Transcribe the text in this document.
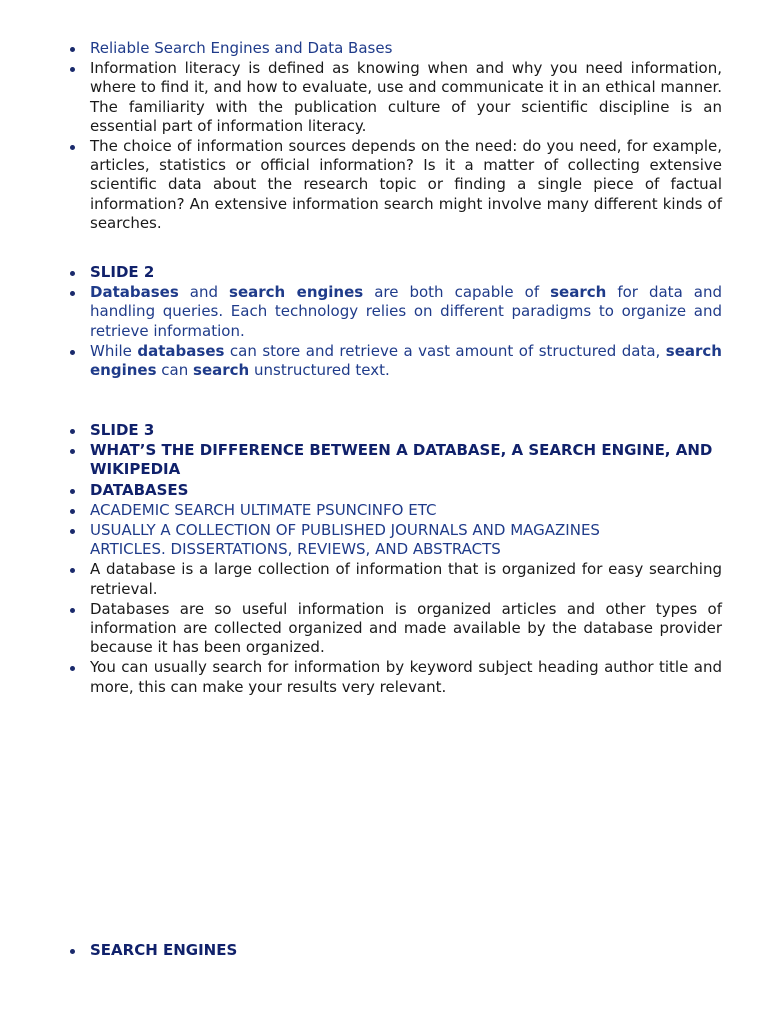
Reliable Search Engines and Data Bases
Information literacy is defined as knowing when and why you need information, where to find it, and how to evaluate, use and communicate it in an ethical manner. The familiarity with the publication culture of your scientific discipline is an essential part of information literacy.
The choice of information sources depends on the need: do you need, for example, articles, statistics or official information? Is it a matter of collecting extensive scientific data about the research topic or finding a single piece of factual information? An extensive information search might involve many different kinds of searches.
SLIDE 2
Databases and search engines are both capable of search for data and handling queries. Each technology relies on different paradigms to organize and retrieve information.
While databases can store and retrieve a vast amount of structured data, search engines can search unstructured text.
SLIDE 3
WHAT’S THE DIFFERENCE BETWEEN A DATABASE, A SEARCH ENGINE, AND WIKIPEDIA
DATABASES
ACADEMIC SEARCH ULTIMATE PSUNCINFO ETC
USUALLY A COLLECTION OF PUBLISHED JOURNALS AND MAGAZINES ARTICLES. DISSERTATIONS, REVIEWS, AND ABSTRACTS
A database is a large collection of information that is organized for easy searching retrieval.
Databases are so useful information is organized articles and other types of information are collected organized and made available by the database provider because it has been organized.
You can usually search for information by keyword subject heading author title and more, this can make your results very relevant.
SEARCH ENGINES
